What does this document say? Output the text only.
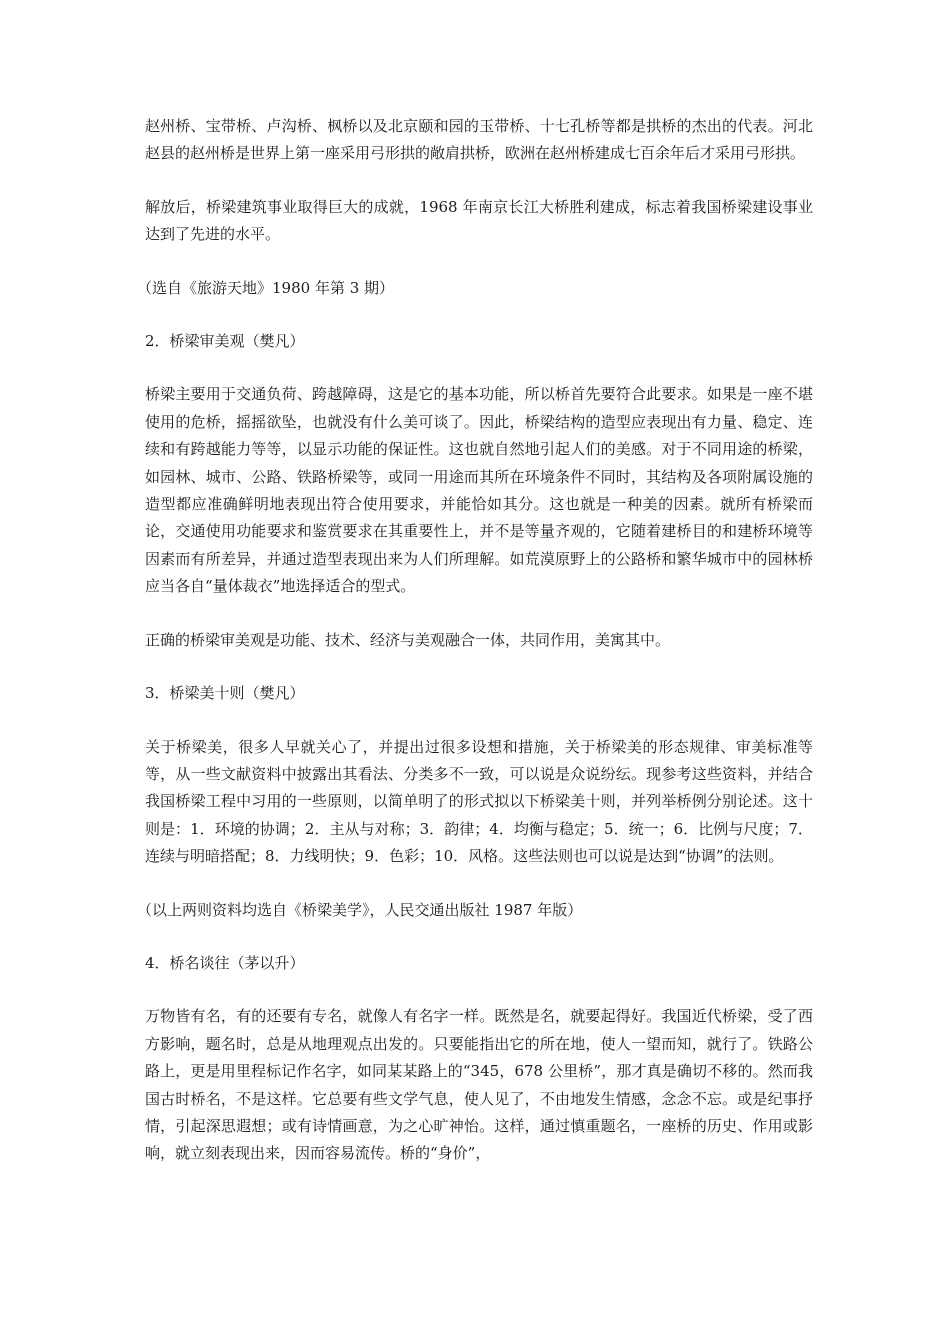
赵州桥、宝带桥、卢沟桥、枫桥以及北京颐和园的玉带桥、十七孔桥等都是拱桥的杰出的代表。河北赵县的赵州桥是世界上第一座采用弓形拱的敞肩拱桥，欧洲在赵州桥建成七百余年后才采用弓形拱。

解放后，桥梁建筑事业取得巨大的成就，1968 年南京长江大桥胜利建成，标志着我国桥梁建设事业达到了先进的水平。

（选自《旅游天地》1980 年第 3 期）

2．桥梁审美观（樊凡）

桥梁主要用于交通负荷、跨越障碍，这是它的基本功能，所以桥首先要符合此要求。如果是一座不堪使用的危桥，摇摇欲坠，也就没有什么美可谈了。因此，桥梁结构的造型应表现出有力量、稳定、连续和有跨越能力等等，以显示功能的保证性。这也就自然地引起人们的美感。对于不同用途的桥梁，如园林、城市、公路、铁路桥梁等，或同一用途而其所在环境条件不同时，其结构及各项附属设施的造型都应准确鲜明地表现出符合使用要求，并能恰如其分。这也就是一种美的因素。就所有桥梁而论，交通使用功能要求和鉴赏要求在其重要性上，并不是等量齐观的，它随着建桥目的和建桥环境等因素而有所差异，并通过造型表现出来为人们所理解。如荒漠原野上的公路桥和繁华城市中的园林桥应当各自“量体裁衣”地选择适合的型式。

正确的桥梁审美观是功能、技术、经济与美观融合一体，共同作用，美寓其中。

3．桥梁美十则（樊凡）

关于桥梁美，很多人早就关心了，并提出过很多设想和措施，关于桥梁美的形态规律、审美标准等等，从一些文献资料中披露出其看法、分类多不一致，可以说是众说纷纭。现参考这些资料，并结合我国桥梁工程中习用的一些原则，以简单明了的形式拟以下桥梁美十则，并列举桥例分别论述。这十则是：1．环境的协调；2．主从与对称；3．韵律；4．均衡与稳定；5．统一；6．比例与尺度；7．连续与明暗搭配；8．力线明快；9．色彩；10．风格。这些法则也可以说是达到“协调”的法则。

（以上两则资料均选自《桥梁美学》，人民交通出版社 1987 年版）

4．桥名谈往（茅以升）

万物皆有名，有的还要有专名，就像人有名字一样。既然是名，就要起得好。我国近代桥梁，受了西方影响，题名时，总是从地理观点出发的。只要能指出它的所在地，使人一望而知，就行了。铁路公路上，更是用里程标记作名字，如同某某路上的“345，678 公里桥”，那才真是确切不移的。然而我国古时桥名，不是这样。它总要有些文学气息，使人见了，不由地发生情感，念念不忘。或是纪事抒情，引起深思遐想；或有诗情画意，为之心旷神怡。这样，通过慎重题名，一座桥的历史、作用或影响，就立刻表现出来，因而容易流传。桥的“身价”，
